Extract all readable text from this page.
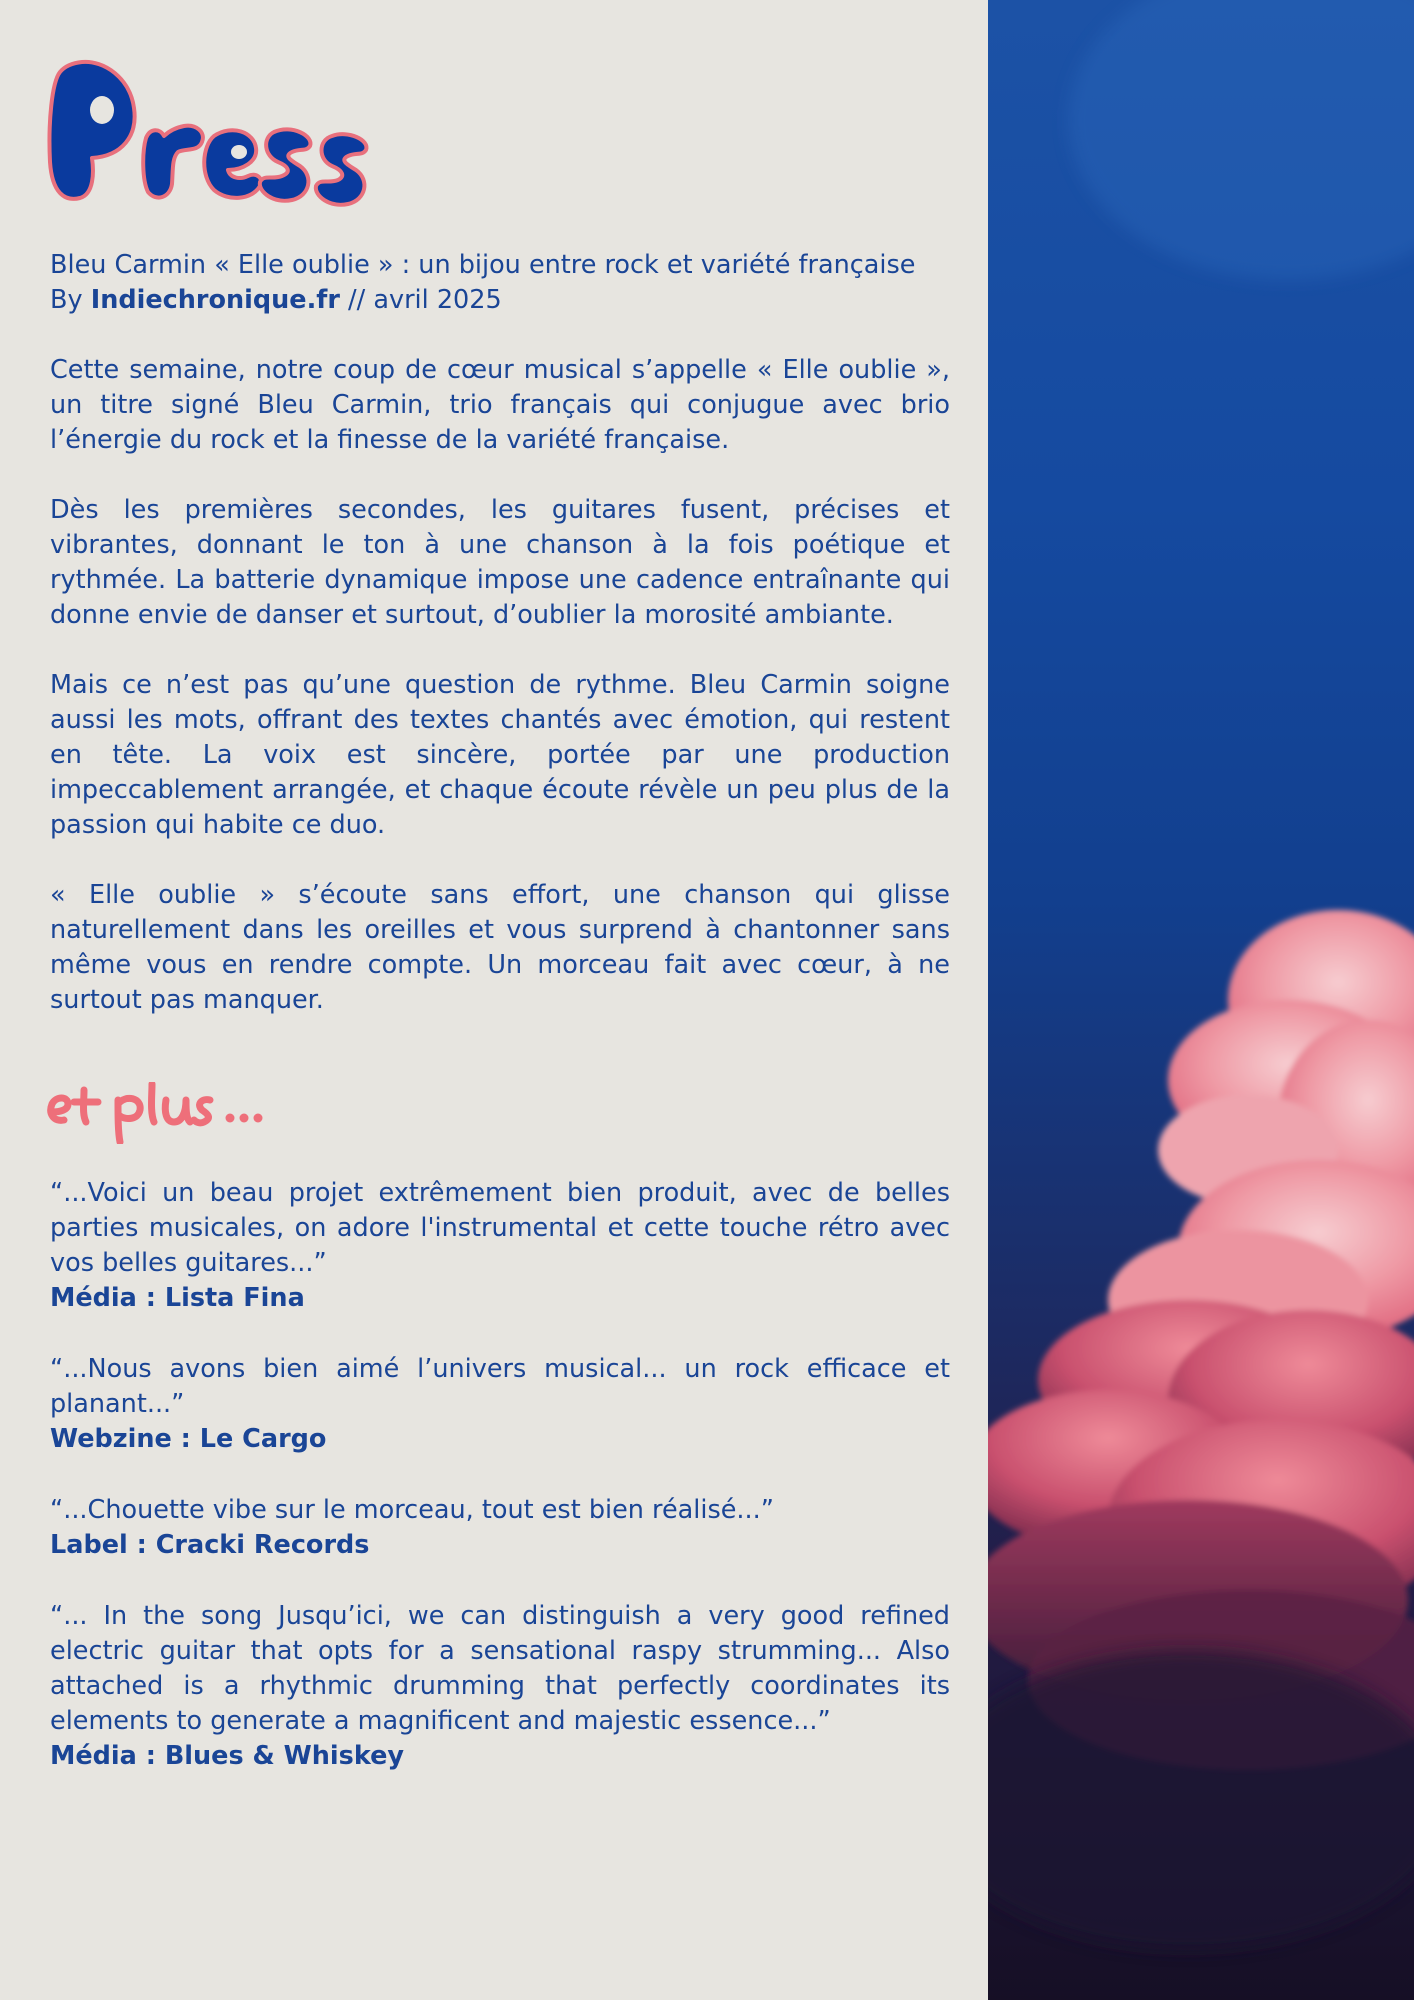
Bleu Carmin « Elle oublie » : un bijou entre rock et variété française

By Indiechronique.fr // avril 2025

Cette semaine, notre coup de cœur musical s’appelle « Elle oublie », un titre signé Bleu Carmin, trio français qui conjugue avec brio l’énergie du rock et la finesse de la variété française.

Dès les premières secondes, les guitares fusent, précises et vibrantes, donnant le ton à une chanson à la fois poétique et rythmée. La batterie dynamique impose une cadence entraînante qui donne envie de danser et surtout, d’oublier la morosité ambiante.

Mais ce n’est pas qu’une question de rythme. Bleu Carmin soigne aussi les mots, offrant des textes chantés avec émotion, qui restent en tête. La voix est sincère, portée par une production impeccablement arrangée, et chaque écoute révèle un peu plus de la passion qui habite ce duo.

« Elle oublie » s’écoute sans effort, une chanson qui glisse naturellement dans les oreilles et vous surprend à chantonner sans même vous en rendre compte. Un morceau fait avec cœur, à ne surtout pas manquer.

“...Voici un beau projet extrêmement bien produit, avec de belles parties musicales, on adore l'instrumental et cette touche rétro avec vos belles guitares...”

Média : Lista Fina

“...Nous avons bien aimé l’univers musical... un rock efficace et planant...”

Webzine : Le Cargo

“...Chouette vibe sur le morceau, tout est bien réalisé...”

Label : Cracki Records

“... In the song Jusqu’ici, we can distinguish a very good refined electric guitar that opts for a sensational raspy strumming... Also attached is a rhythmic drumming that perfectly coordinates its elements to generate a magnificent and majestic essence...”

Média : Blues & Whiskey
